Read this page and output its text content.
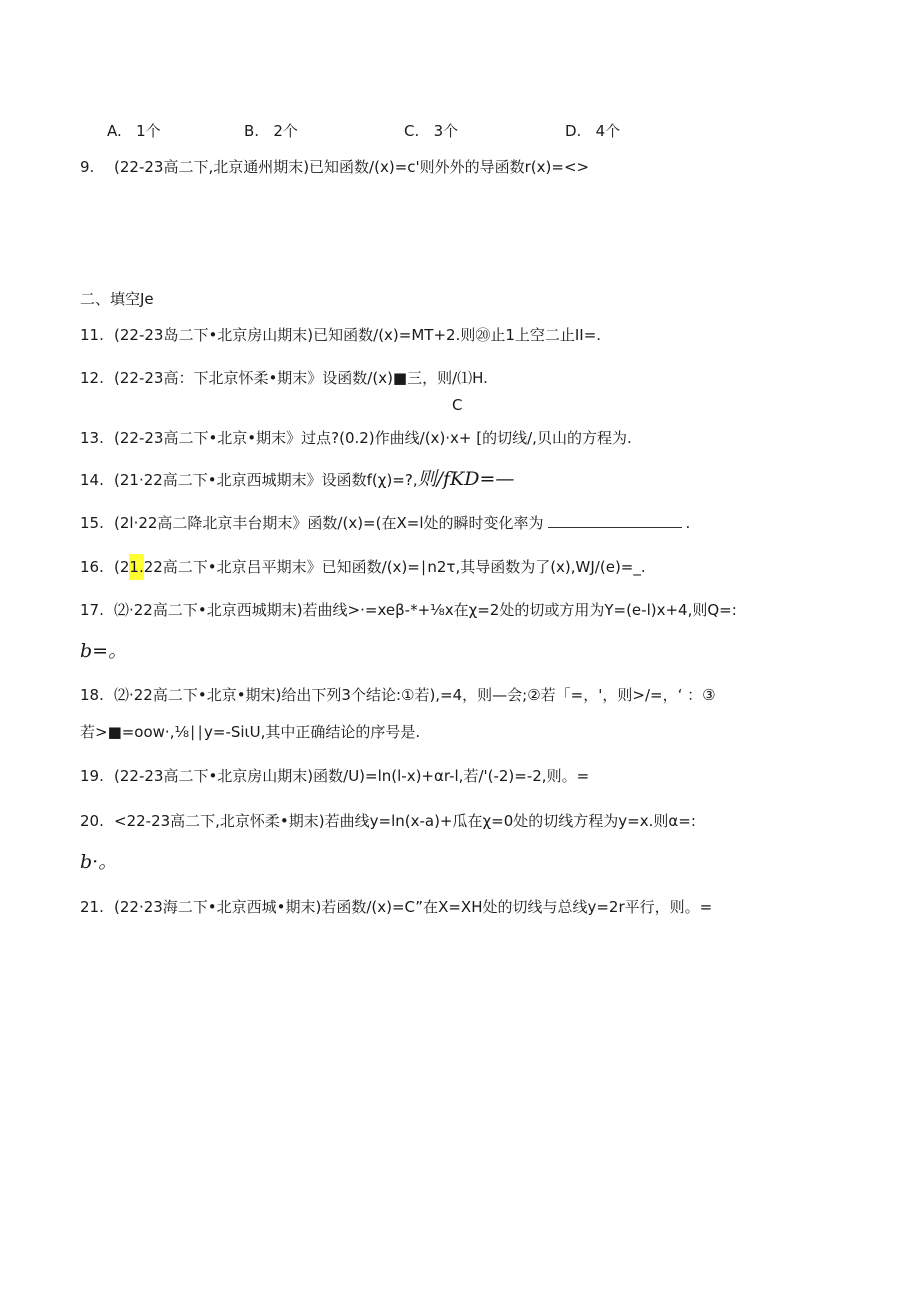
A. 1个	B. 2个	C. 3个	D. 4个
9. (22-23高二下,北京通州期末)已知函数/(x)=c'则外外的导函数r(x)=<>
二、填空Je
11. (22-23岛二下•北京房山期末)已知函数/(x)=MT+2.则⑳止1上空二止II=.
12. (22-23高：下北京怀柔•期末》设函数/(x)■三，则/⑴H.
C
13. (22-23高二下•北京•期末》过点?(0.2)作曲线/(x)·x+ [的切线/,贝山的方程为.
14. (21·22高二下•北京西城期末》设函数f(χ)=?,则/fKD=—
15. (2l·22高二降北京丰台期末》函数/(x)=(在X=l处的瞬时变化率为	.
16. (21.22高二下•北京吕平期末》已知函数/(x)=∣n2τ,其导函数为了(x),WJ/(e)=_.
17. ⑵·22高二下•北京西城期末)若曲线>·=xeβ-*+⅛x在χ=2处的切或方用为Y=(e-l)x+4,则Q=:
b=。
18. ⑵·22高二下•北京•期宋)给出下列3个结论:①若),=4，则—会;②若「=，'，则>/=，‘ ：③
若>■=oow·,⅛∣∣y=-SiιU,其中正确结论的序号是.
19. (22-23高二下•北京房山期末)函数/U)=ln(l-x)+αr-l,若/'(-2)=-2,则。=
20. <22-23高二下,北京怀柔•期末)若曲线y=ln(x-a)+瓜在χ=0处的切线方程为y=x.则α=:
b·。
21. (22·23海二下•北京西城•期末)若函数/(x)=C”在X=XH处的切线与总线y=2r平行，则。=
